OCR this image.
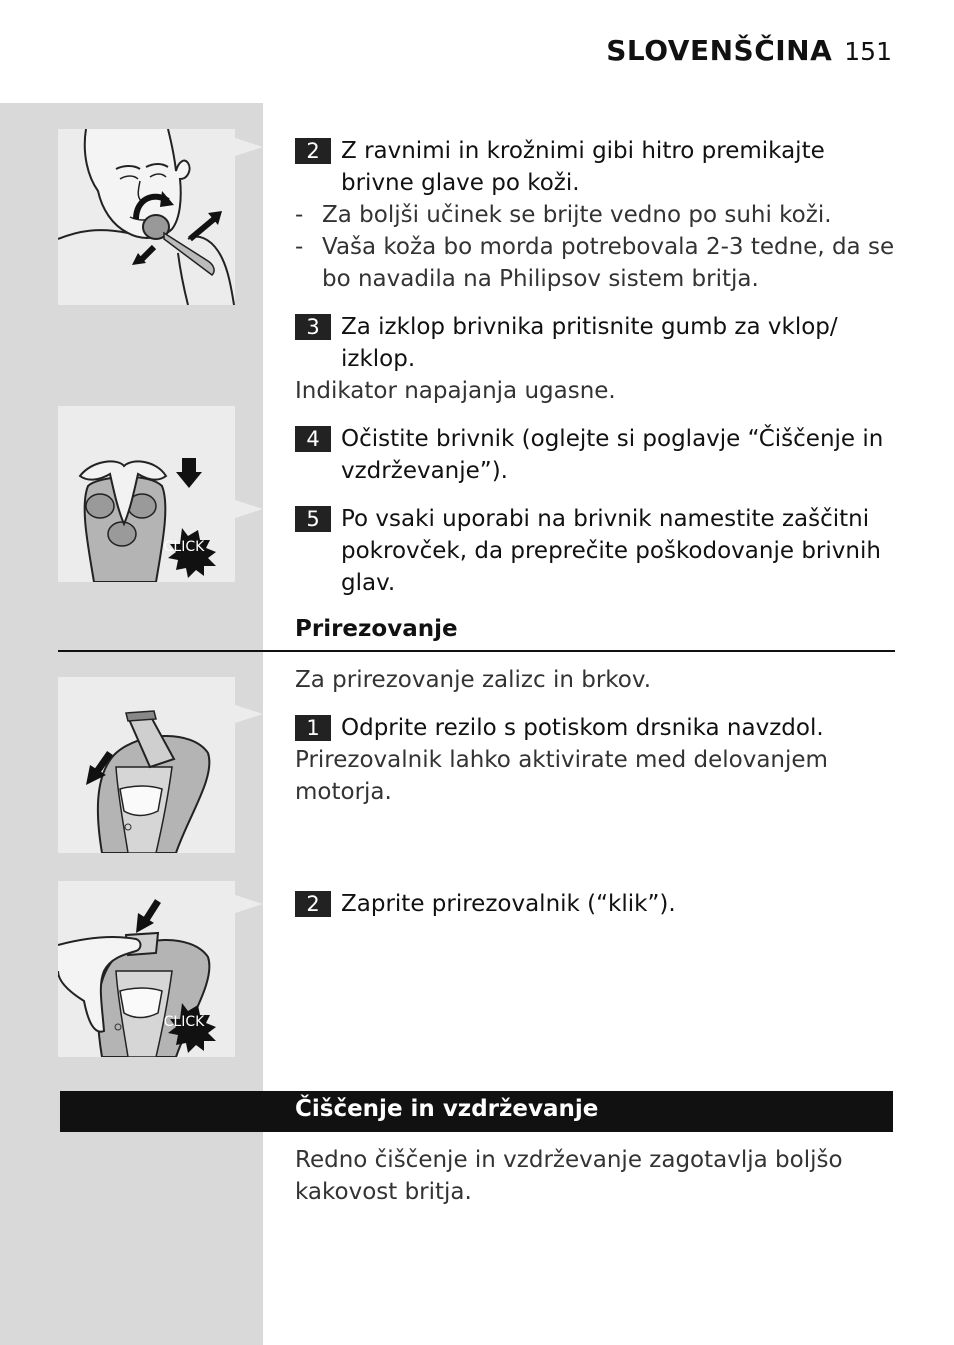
SLOVENŠČINA 151
CLICK
CLICK
2 Z ravnimi in krožnimi gibi hitro premikajte brivne glave po koži.
- Za boljši učinek se brijte vedno po suhi koži.
- Vaša koža bo morda potrebovala 2-3 tedne, da se bo navadila na Philipsov sistem britja.
3 Za izklop brivnika pritisnite gumb za vklop/ izklop.
Indikator napajanja ugasne.
4 Očistite brivnik (oglejte si poglavje “Čiščenje in vzdrževanje”).
5 Po vsaki uporabi na brivnik namestite zaščitni pokrovček, da preprečite poškodovanje brivnih glav.
Prirezovanje
Za prirezovanje zalizc in brkov.
1 Odprite rezilo s potiskom drsnika navzdol.
Prirezovalnik lahko aktivirate med delovanjem motorja.
2 Zaprite prirezovalnik (“klik”).
Čiščenje in vzdrževanje
Redno čiščenje in vzdrževanje zagotavlja boljšo kakovost britja.
